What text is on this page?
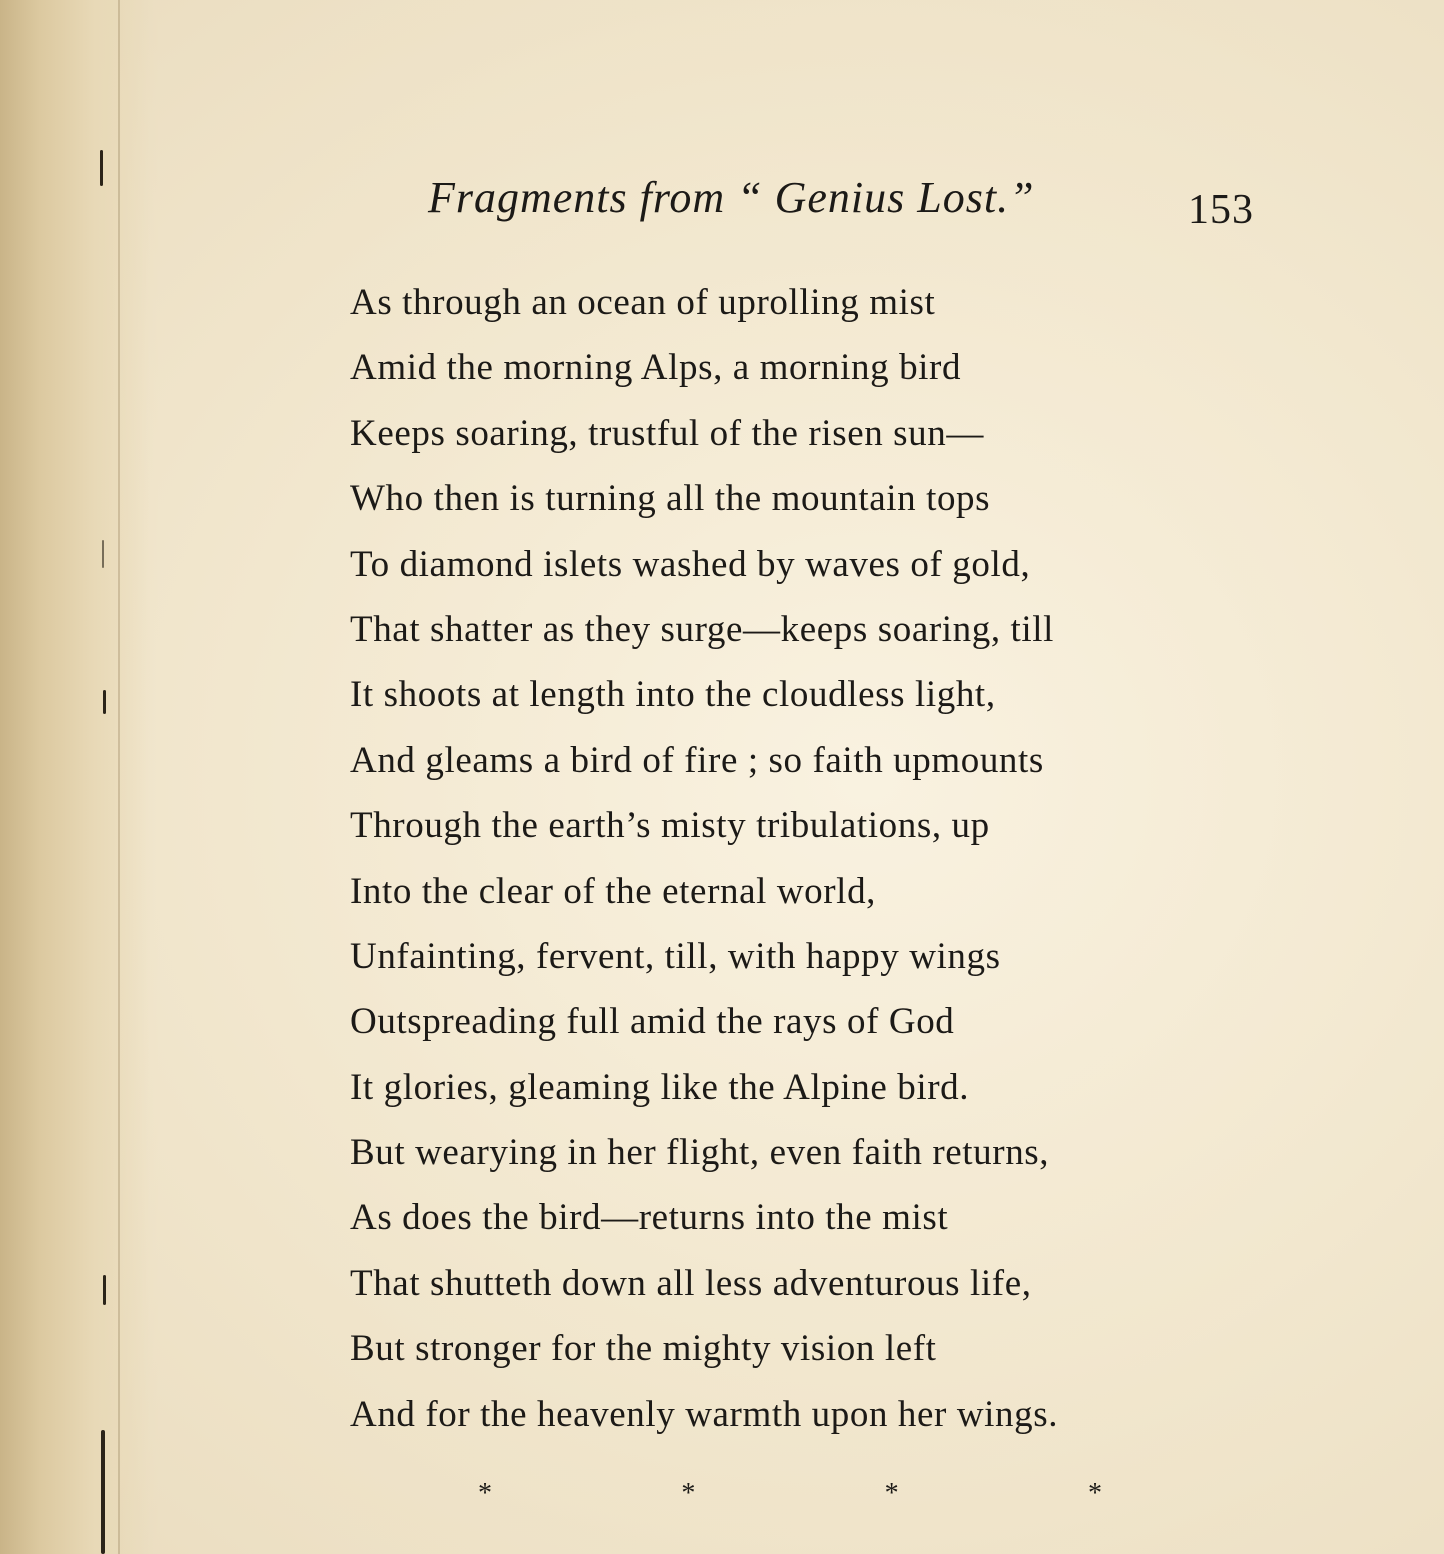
Fragments from “ Genius Lost.”	153
As through an ocean of uprolling mist
Amid the morning Alps, a morning bird
Keeps soaring, trustful of the risen sun—
Who then is turning all the mountain tops
To diamond islets washed by waves of gold,
That shatter as they surge—keeps soaring, till
It shoots at length into the cloudless light,
And gleams a bird of fire ; so faith upmounts
Through the earth’s misty tribulations, up
Into the clear of the eternal world,
Unfainting, fervent, till, with happy wings
Outspreading full amid the rays of God
It glories, gleaming like the Alpine bird.
But wearying in her flight, even faith returns,
As does the bird—returns into the mist
That shutteth down all less adventurous life,
But stronger for the mighty vision left
And for the heavenly warmth upon her wings.
*	*	*	*
